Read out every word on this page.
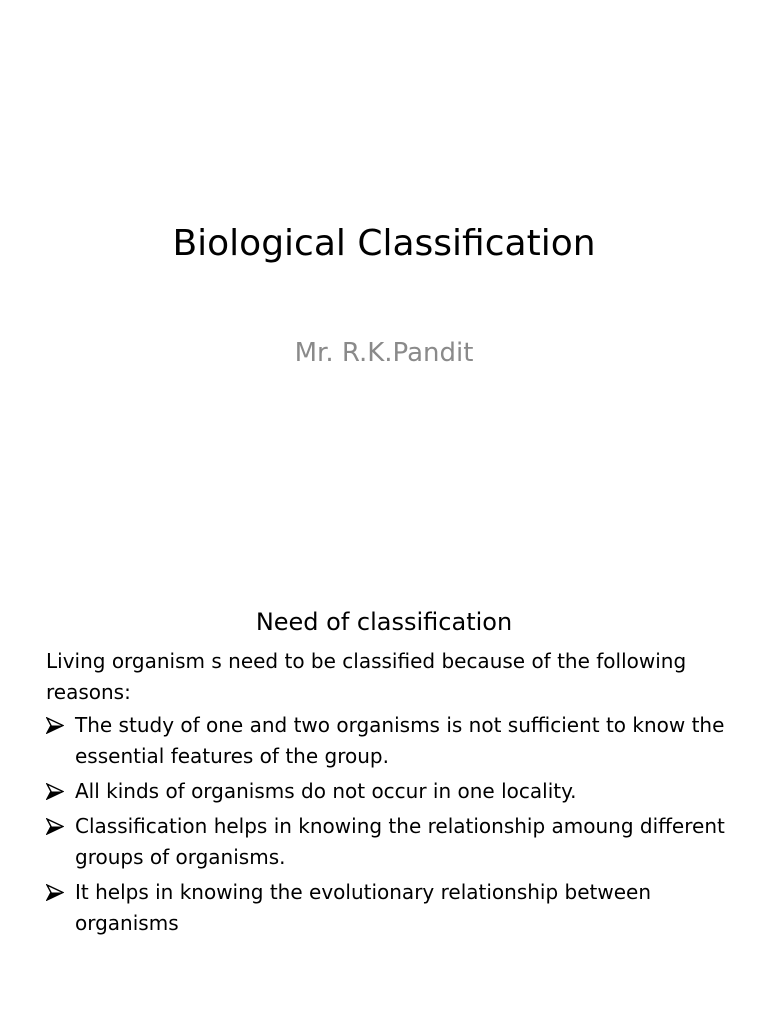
Biological Classification
Mr. R.K.Pandit
Need of classification

Living organism s need to be classified because of the following reasons:

The study of one and two organisms is not sufficient to know the essential features of the group.
All kinds of organisms do not occur in one locality.
Classification helps in knowing the relationship amoung different groups of organisms.
It helps in knowing the evolutionary relationship between organisms
